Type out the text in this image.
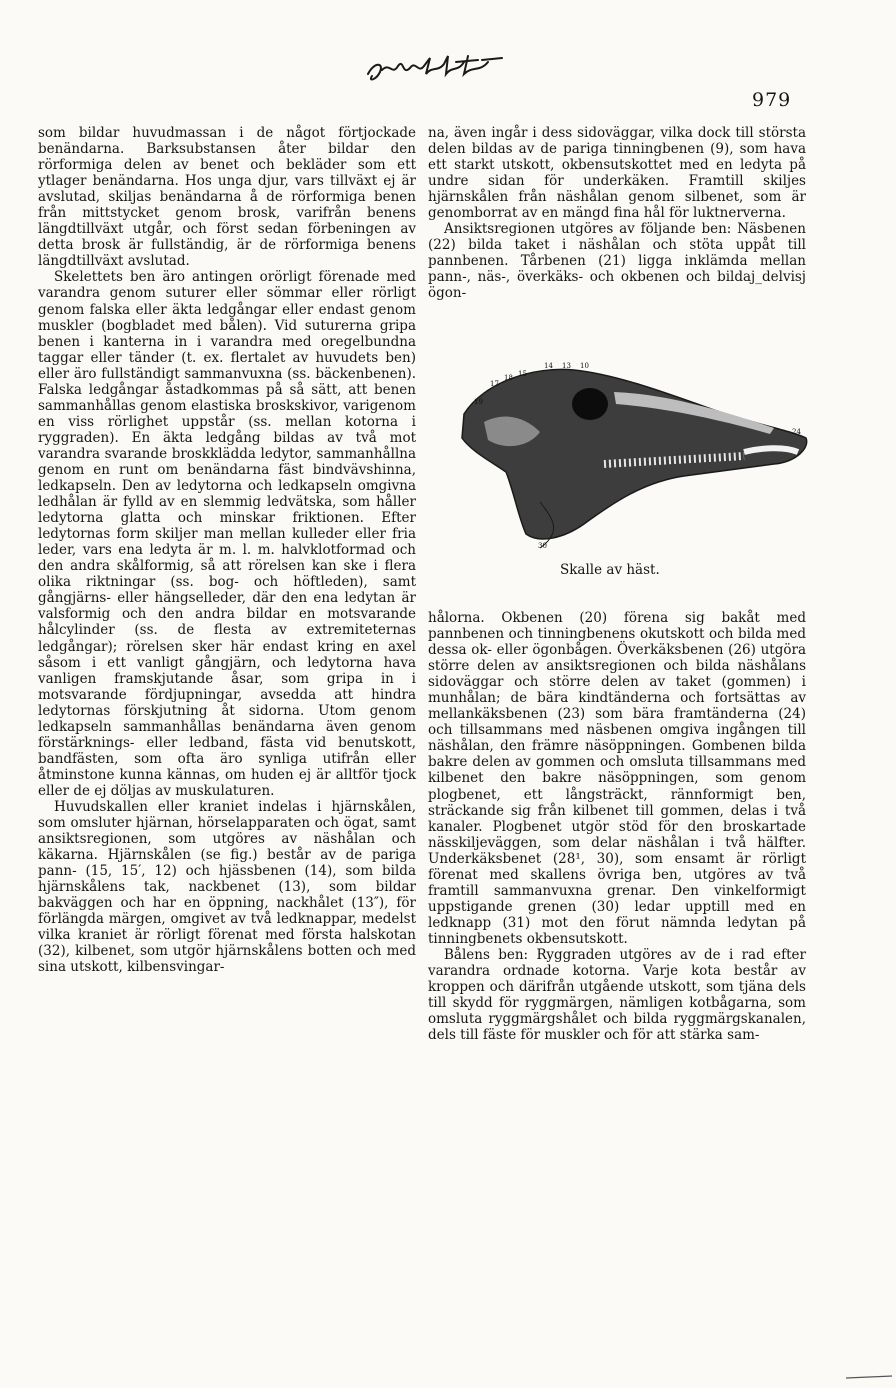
979

som bildar huvudmassan i de något förtjockade benändarna. Barksubstansen åter bildar den rörformiga delen av benet och bekläder som ett ytlager benändarna. Hos unga djur, vars tillväxt ej är avslutad, skiljas benändarna å de rörformiga benen från mittstycket genom brosk, varifrån benens längdtillväxt utgår, och först sedan förbeningen av detta brosk är fullständig, är de rörformiga benens längdtillväxt avslutad.

Skelettets ben äro antingen orörligt förenade med varandra genom suturer eller sömmar eller rörligt genom falska eller äkta ledgångar eller endast genom muskler (bogbladet med bålen). Vid suturerna gripa benen i kanterna in i varandra med oregelbundna taggar eller tänder (t. ex. flertalet av huvudets ben) eller äro fullständigt sammanvuxna (ss. bäckenbenen). Falska ledgångar åstadkommas på så sätt, att benen sammanhållas genom elastiska broskskivor, varigenom en viss rörlighet uppstår (ss. mellan kotorna i ryggraden). En äkta ledgång bildas av två mot varandra svarande broskklädda ledytor, sammanhållna genom en runt om benändarna fäst bindvävshinna, ledkapseln. Den av ledytorna och ledkapseln omgivna ledhålan är fylld av en slemmig ledvätska, som håller ledytorna glatta och minskar friktionen. Efter ledytornas form skiljer man mellan kulleder eller fria leder, vars ena ledyta är m. l. m. halvklotformad och den andra skålformig, så att rörelsen kan ske i flera olika riktningar (ss. bog- och höftleden), samt gångjärns- eller hängselleder, där den ena ledytan är valsformig och den andra bildar en motsvarande hålcylinder (ss. de flesta av extremiteternas ledgångar); rörelsen sker här endast kring en axel såsom i ett vanligt gångjärn, och ledytorna hava vanligen framskjutande åsar, som gripa in i motsvarande fördjupningar, avsedda att hindra ledytornas förskjutning åt sidorna. Utom genom ledkapseln sammanhållas benändarna även genom förstärknings- eller ledband, fästa vid benutskott, bandfästen, som ofta äro synliga utifrån eller åtminstone kunna kännas, om huden ej är alltför tjock eller de ej döljas av muskulaturen.

Huvudskallen eller kraniet indelas i hjärnskålen, som omsluter hjärnan, hörselapparaten och ögat, samt ansiktsregionen, som utgöres av näshålan och käkarna. Hjärnskålen (se fig.) består av de pariga pann- (15, 15′, 12) och hjässbenen (14), som bilda hjärnskålens tak, nackbenet (13), som bildar bakväggen och har en öppning, nackhålet (13″), för förlängda märgen, omgivet av två ledknappar, medelst vilka kraniet är rörligt förenat med första halskotan (32), kilbenet, som utgör hjärnskålens botten och med sina utskott, kilbensvingar-

na, även ingår i dess sidoväggar, vilka dock till största delen bildas av de pariga tinningbenen (9), som hava ett starkt utskott, okbensutskottet med en ledyta på undre sidan för underkäken. Framtill skiljes hjärnskålen från näshålan genom silbenet, som är genomborrat av en mängd fina hål för luktnerverna.

Ansiktsregionen utgöres av följande ben: Näsbenen (22) bilda taket i näshålan och stöta uppåt till pannbenen. Tårbenen (21) ligga inklämda mellan pann-, näs-, överkäks- och okbenen och bildaj_delvisj ögon-

19
17
18 15
14 13 10
24
30
Skalle av häst.

hålorna. Okbenen (20) förena sig bakåt med pannbenen och tinningbenens okutskott och bilda med dessa ok- eller ögonbågen. Överkäksbenen (26) utgöra större delen av ansiktsregionen och bilda näshålans sidoväggar och större delen av taket (gommen) i munhålan; de bära kindtänderna och fortsättas av mellankäksbenen (23) som bära framtänderna (24) och tillsammans med näsbenen omgiva ingången till näshålan, den främre näsöppningen. Gombenen bilda bakre delen av gommen och omsluta tillsammans med kilbenet den bakre näsöppningen, som genom plogbenet, ett långsträckt, rännformigt ben, sträckande sig från kilbenet till gommen, delas i två kanaler. Plogbenet utgör stöd för den broskartade nässkiljeväggen, som delar näshålan i två hälfter. Underkäksbenet (28¹, 30), som ensamt är rörligt förenat med skallens övriga ben, utgöres av två framtill sammanvuxna grenar. Den vinkelformigt uppstigande grenen (30) ledar upptill med en ledknapp (31) mot den förut nämnda ledytan på tinningbenets okbensutskott.

Bålens ben: Ryggraden utgöres av de i rad efter varandra ordnade kotorna. Varje kota består av kroppen och därifrån utgående utskott, som tjäna dels till skydd för ryggmärgen, nämligen kotbågarna, som omsluta ryggmärgshålet och bilda ryggmärgskanalen, dels till fäste för muskler och för att stärka sam-
